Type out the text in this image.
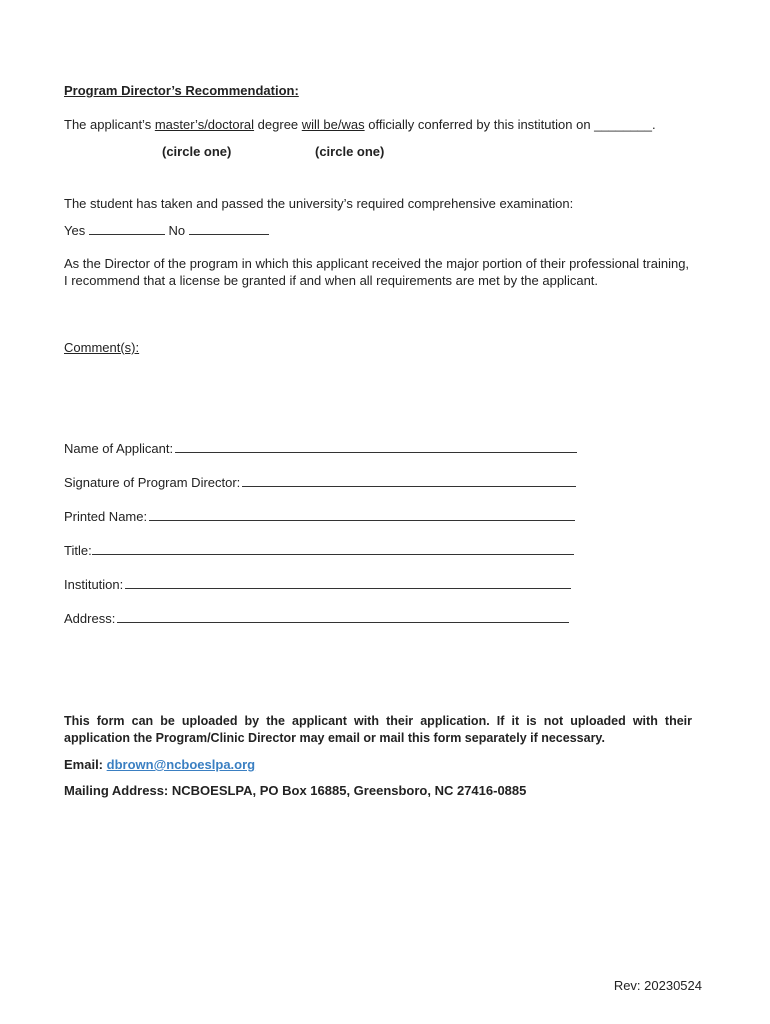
Program Director’s Recommendation:
The applicant’s master’s/doctoral degree will be/was officially conferred by this institution on ________.
(circle one)	(circle one)
The student has taken and passed the university’s required comprehensive examination:
Yes	No
As the Director of the program in which this applicant received the major portion of their professional training, I recommend that a license be granted if and when all requirements are met by the applicant.
Comment(s):
Name of Applicant:
Signature of Program Director:
Printed Name:
Title:
Institution:
Address:
This form can be uploaded by the applicant with their application. If it is not uploaded with their application the Program/Clinic Director may email or mail this form separately if necessary.
Email: dbrown@ncboeslpa.org
Mailing Address: NCBOESLPA, PO Box 16885, Greensboro, NC 27416-0885
Rev: 20230524
